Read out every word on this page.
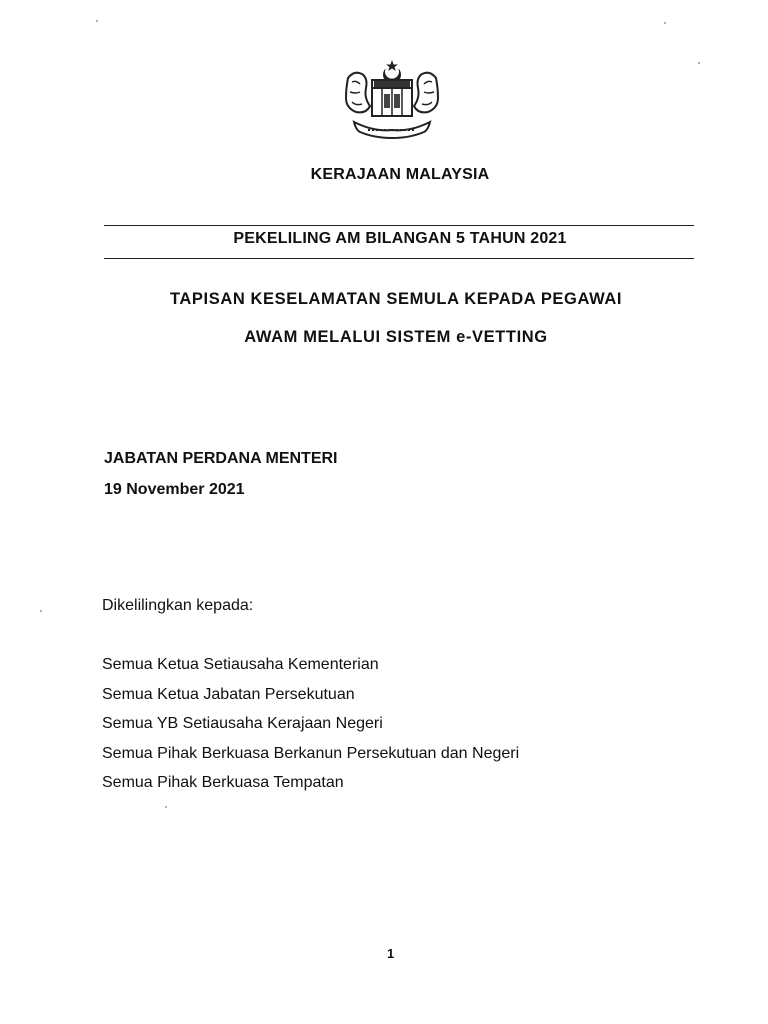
KERAJAAN MALAYSIA
PEKELILING AM BILANGAN 5 TAHUN 2021
TAPISAN KESELAMATAN SEMULA KEPADA PEGAWAI
AWAM MELALUI SISTEM e-VETTING
JABATAN PERDANA MENTERI
19 November 2021
Dikelilingkan kepada:
Semua Ketua Setiausaha Kementerian
Semua Ketua Jabatan Persekutuan
Semua YB Setiausaha Kerajaan Negeri
Semua Pihak Berkuasa Berkanun Persekutuan dan Negeri
Semua Pihak Berkuasa Tempatan
1
